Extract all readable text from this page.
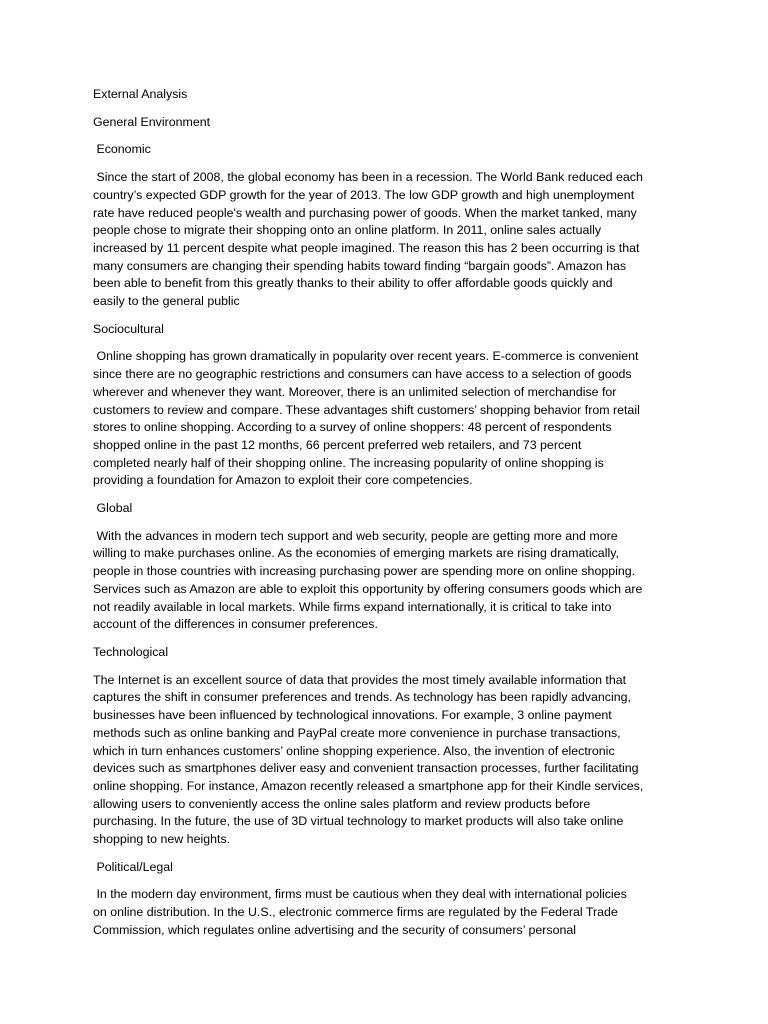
External Analysis
General Environment
Economic
Since the start of 2008, the global economy has been in a recession. The World Bank reduced each
country’s expected GDP growth for the year of 2013. The low GDP growth and high unemployment
rate have reduced people's wealth and purchasing power of goods. When the market tanked, many
people chose to migrate their shopping onto an online platform. In 2011, online sales actually
increased by 11 percent despite what people imagined. The reason this has 2 been occurring is that
many consumers are changing their spending habits toward finding “bargain goods”. Amazon has
been able to benefit from this greatly thanks to their ability to offer affordable goods quickly and
easily to the general public
Sociocultural
Online shopping has grown dramatically in popularity over recent years. E-commerce is convenient
since there are no geographic restrictions and consumers can have access to a selection of goods
wherever and whenever they want. Moreover, there is an unlimited selection of merchandise for
customers to review and compare. These advantages shift customers’ shopping behavior from retail
stores to online shopping. According to a survey of online shoppers: 48 percent of respondents
shopped online in the past 12 months, 66 percent preferred web retailers, and 73 percent
completed nearly half of their shopping online. The increasing popularity of online shopping is
providing a foundation for Amazon to exploit their core competencies.
Global
With the advances in modern tech support and web security, people are getting more and more
willing to make purchases online. As the economies of emerging markets are rising dramatically,
people in those countries with increasing purchasing power are spending more on online shopping.
Services such as Amazon are able to exploit this opportunity by offering consumers goods which are
not readily available in local markets. While firms expand internationally, it is critical to take into
account of the differences in consumer preferences.
Technological
The Internet is an excellent source of data that provides the most timely available information that
captures the shift in consumer preferences and trends. As technology has been rapidly advancing,
businesses have been influenced by technological innovations. For example, 3 online payment
methods such as online banking and PayPal create more convenience in purchase transactions,
which in turn enhances customers’ online shopping experience. Also, the invention of electronic
devices such as smartphones deliver easy and convenient transaction processes, further facilitating
online shopping. For instance, Amazon recently released a smartphone app for their Kindle services,
allowing users to conveniently access the online sales platform and review products before
purchasing. In the future, the use of 3D virtual technology to market products will also take online
shopping to new heights.
Political/Legal
In the modern day environment, firms must be cautious when they deal with international policies
on online distribution. In the U.S., electronic commerce firms are regulated by the Federal Trade
Commission, which regulates online advertising and the security of consumers’ personal
